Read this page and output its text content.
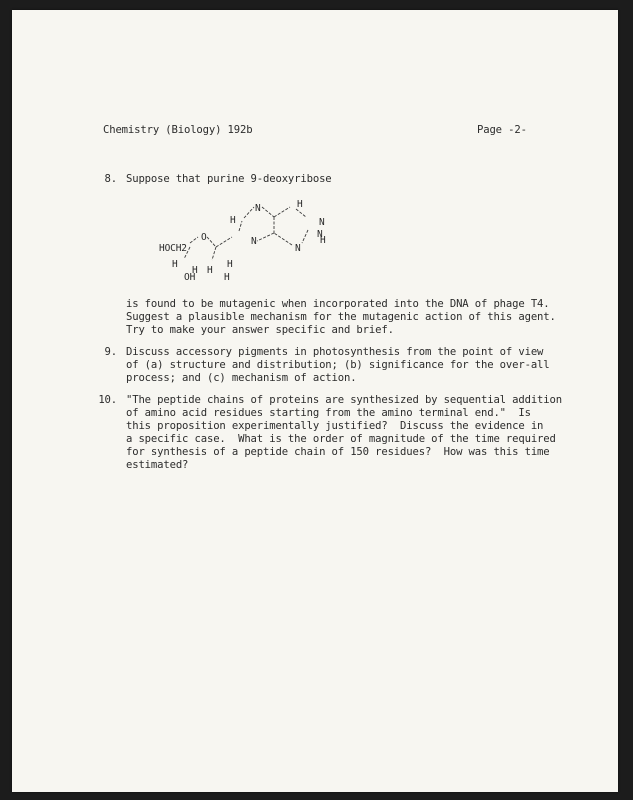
Chemistry (Biology) 192b	Page -2-
8. Suppose that purine 9-deoxyribose
HOCH2
O
H
OH
H H
H
H
H
N
N
H
N
N
H
N
is found to be mutagenic when incorporated into the DNA of phage T4.
Suggest a plausible mechanism for the mutagenic action of this agent.
Try to make your answer specific and brief.
9. Discuss accessory pigments in photosynthesis from the point of view
of (a) structure and distribution; (b) significance for the over-all
process; and (c) mechanism of action.
10. "The peptide chains of proteins are synthesized by sequential addition
of amino acid residues starting from the amino terminal end."  Is
this proposition experimentally justified?  Discuss the evidence in
a specific case.  What is the order of magnitude of the time required
for synthesis of a peptide chain of 150 residues?  How was this time
estimated?
